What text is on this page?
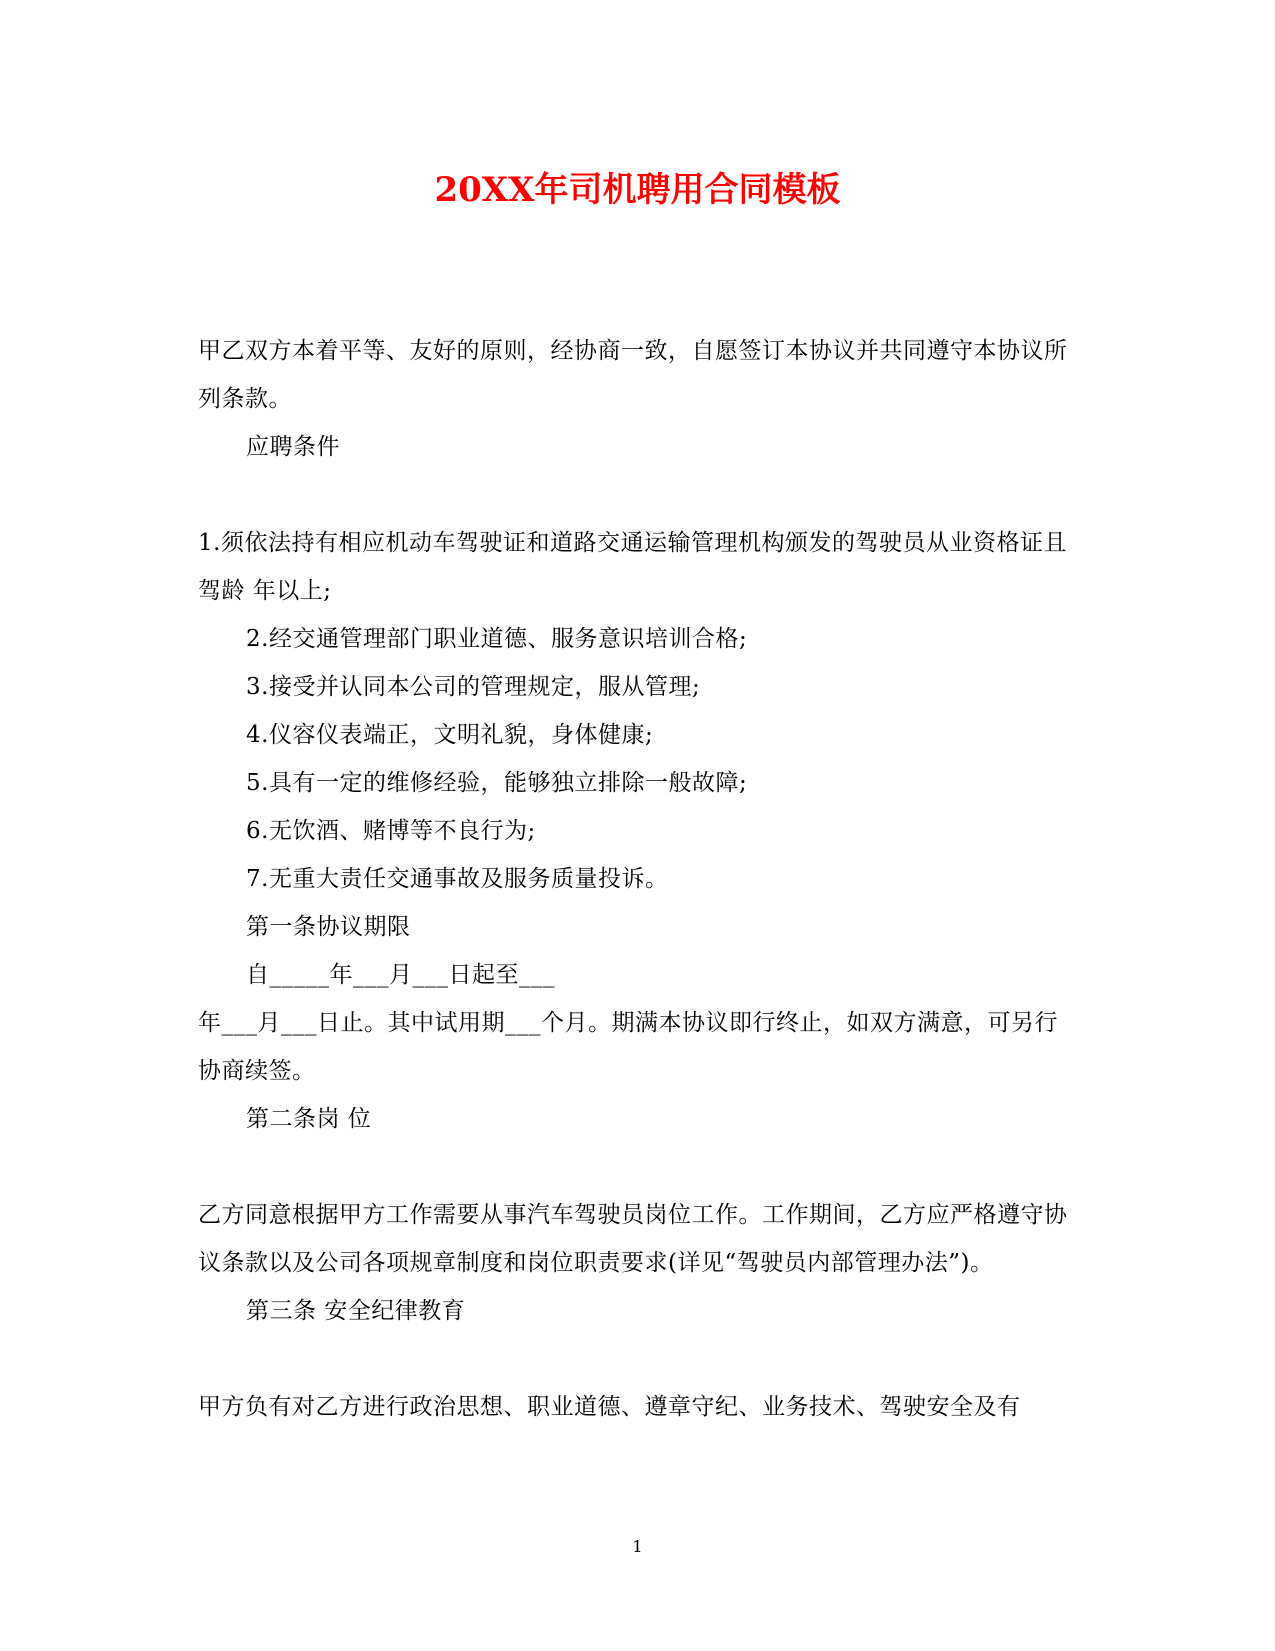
20XX年司机聘用合同模板

甲乙双方本着平等、友好的原则，经协商一致，自愿签订本协议并共同遵守本协议所列条款。

应聘条件

1.须依法持有相应机动车驾驶证和道路交通运输管理机构颁发的驾驶员从业资格证且驾龄 年以上;

2.经交通管理部门职业道德、服务意识培训合格;

3.接受并认同本公司的管理规定，服从管理;

4.仪容仪表端正，文明礼貌，身体健康;

5.具有一定的维修经验，能够独立排除一般故障;

6.无饮酒、赌博等不良行为;

7.无重大责任交通事故及服务质量投诉。

第一条协议期限

自_____年___月___日起至___

年___月___日止。其中试用期___个月。期满本协议即行终止，如双方满意，可另行协商续签。

第二条岗 位

乙方同意根据甲方工作需要从事汽车驾驶员岗位工作。工作期间，乙方应严格遵守协议条款以及公司各项规章制度和岗位职责要求(详见“驾驶员内部管理办法”)。

第三条 安全纪律教育

甲方负有对乙方进行政治思想、职业道德、遵章守纪、业务技术、驾驶安全及有

1
